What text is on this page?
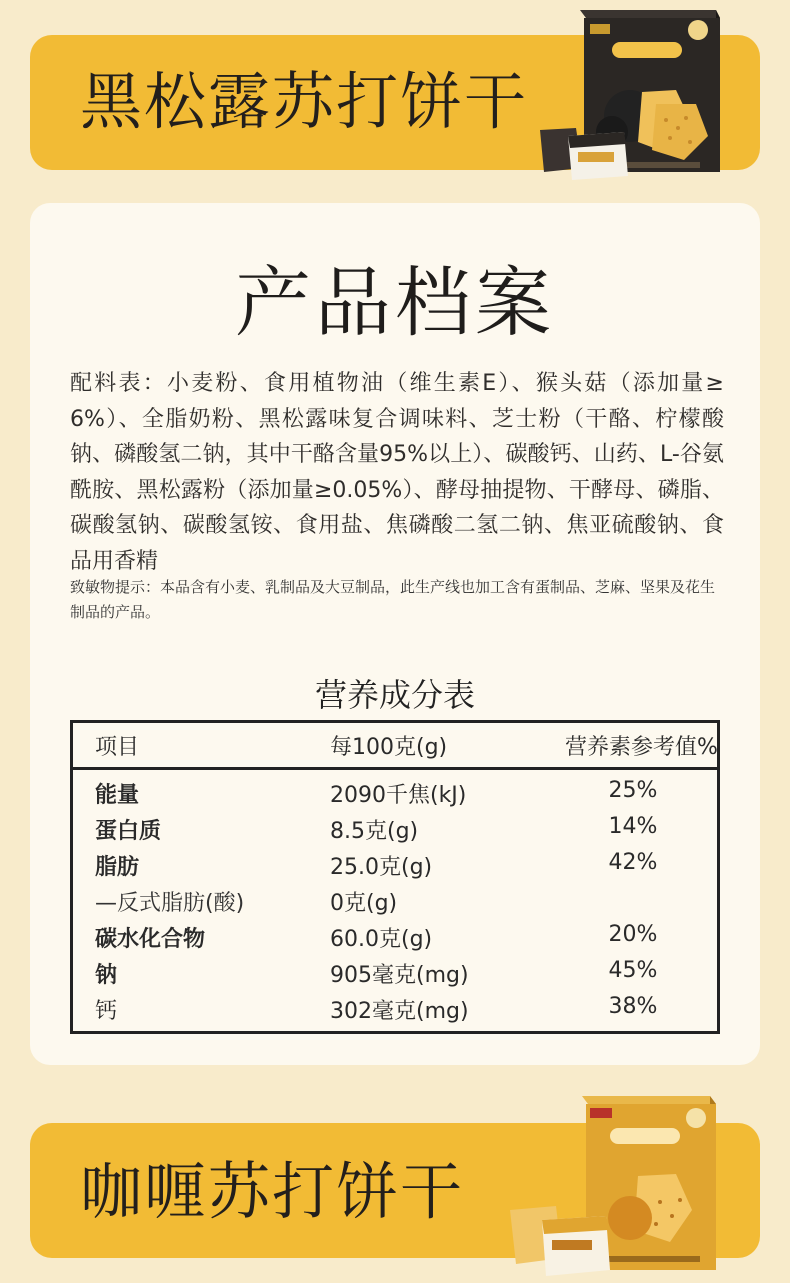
黑松露苏打饼干
产品档案
配料表：小麦粉、食用植物油（维生素E）、猴头菇（添加量≥6%）、全脂奶粉、黑松露味复合调味料、芝士粉（干酪、柠檬酸钠、磷酸氢二钠，其中干酪含量95%以上）、碳酸钙、山药、L-谷氨酰胺、黑松露粉（添加量≥0.05%）、酵母抽提物、干酵母、磷脂、碳酸氢钠、碳酸氢铵、食用盐、焦磷酸二氢二钠、焦亚硫酸钠、食品用香精
致敏物提示：本品含有小麦、乳制品及大豆制品，此生产线也加工含有蛋制品、芝麻、坚果及花生制品的产品。
营养成分表
项目	每100克(g)	营养素参考值%
能量	2090千焦(kJ)	25%
蛋白质	8.5克(g)	14%
脂肪	25.0克(g)	42%
—反式脂肪(酸)	0克(g)
碳水化合物	60.0克(g)	20%
钠	905毫克(mg)	45%
钙	302毫克(mg)	38%
咖喱苏打饼干
